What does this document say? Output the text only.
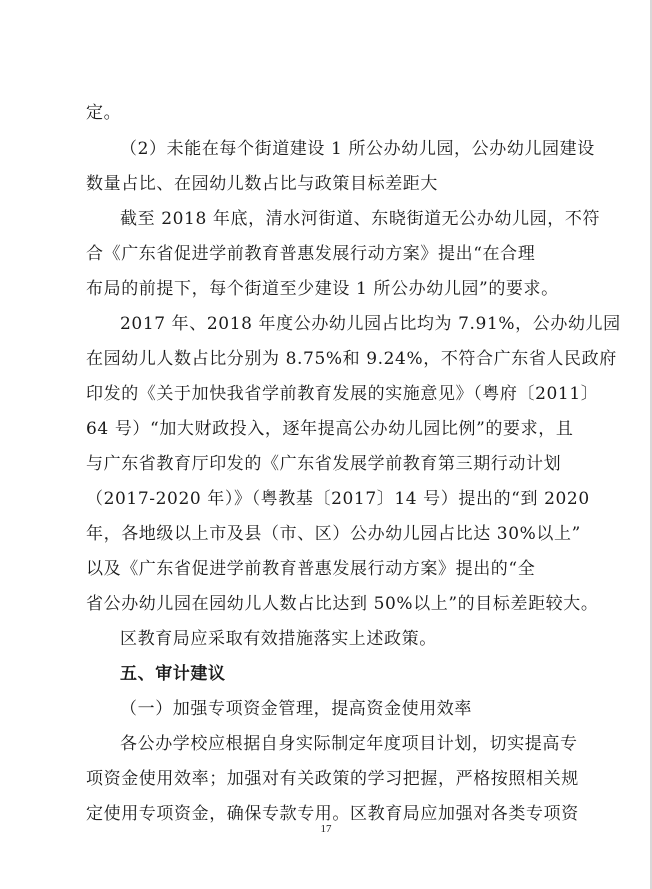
定。
（2）未能在每个街道建设 1 所公办幼儿园，公办幼儿园建设
数量占比、在园幼儿数占比与政策目标差距大
截至 2018 年底，清水河街道、东晓街道无公办幼儿园，不符
合《广东省促进学前教育普惠发展行动方案》提出“在合理
布局的前提下，每个街道至少建设 1 所公办幼儿园”的要求。
2017 年、2018 年度公办幼儿园占比均为 7.91%，公办幼儿园
在园幼儿人数占比分别为 8.75%和 9.24%，不符合广东省人民政府
印发的《关于加快我省学前教育发展的实施意见》（粤府〔2011〕
64 号）“加大财政投入，逐年提高公办幼儿园比例”的要求，且
与广东省教育厅印发的《广东省发展学前教育第三期行动计划
（2017-2020 年）》（粤教基〔2017〕14 号）提出的“到 2020
年，各地级以上市及县（市、区）公办幼儿园占比达 30%以上”
以及《广东省促进学前教育普惠发展行动方案》提出的“全
省公办幼儿园在园幼儿人数占比达到 50%以上”的目标差距较大。
区教育局应采取有效措施落实上述政策。
五、审计建议
（一）加强专项资金管理，提高资金使用效率
各公办学校应根据自身实际制定年度项目计划，切实提高专
项资金使用效率；加强对有关政策的学习把握，严格按照相关规
定使用专项资金，确保专款专用。区教育局应加强对各类专项资
17
